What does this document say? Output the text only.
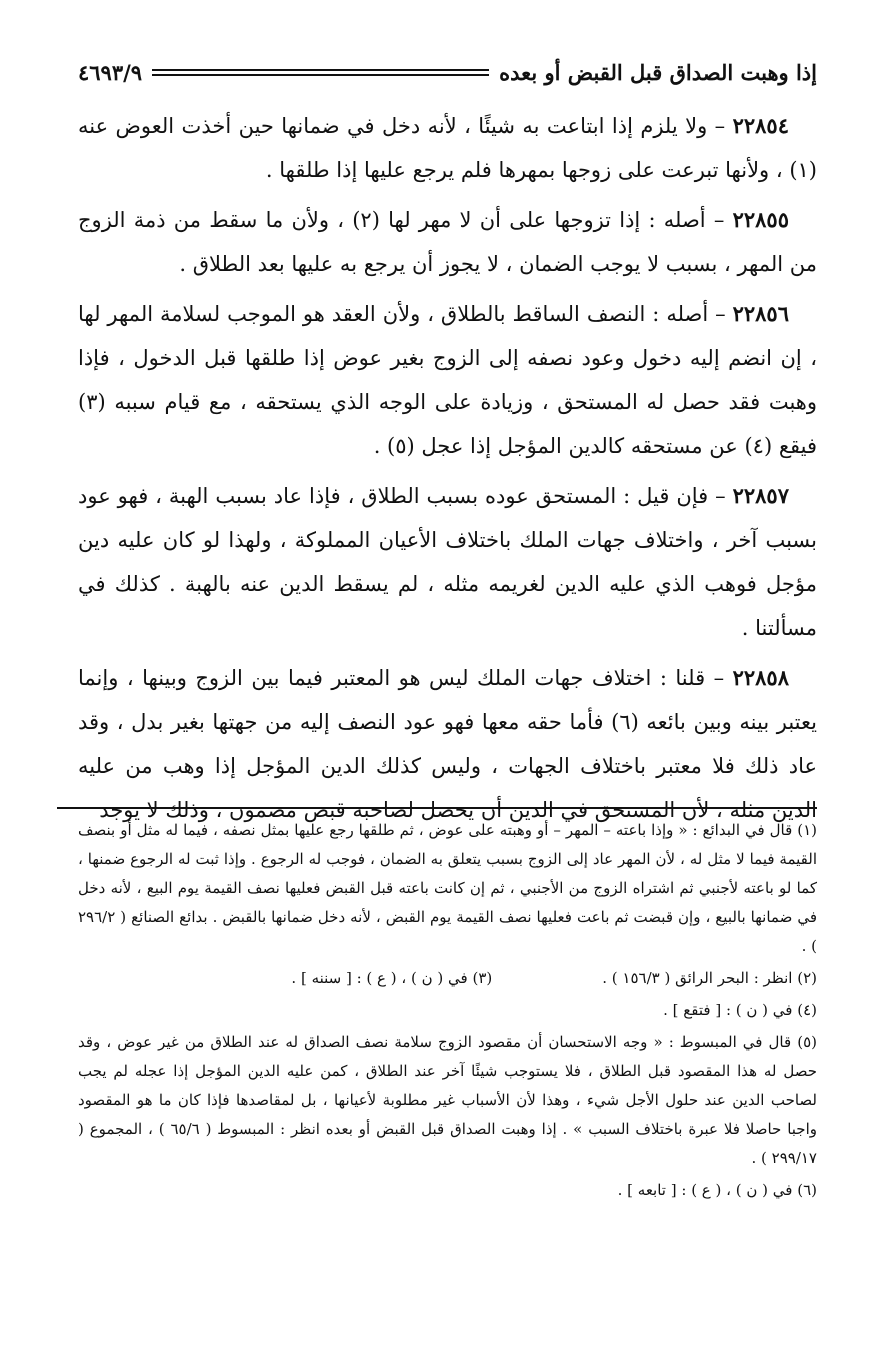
إذا وهبت الصداق قبل القبض أو بعده
٤٦٩٣/٩

٢٢٨٥٤ – ولا يلزم إذا ابتاعت به شيئًا ، لأنه دخل في ضمانها حين أخذت العوض عنه (١) ، ولأنها تبرعت على زوجها بمهرها فلم يرجع عليها إذا طلقها .

٢٢٨٥٥ – أصله : إذا تزوجها على أن لا مهر لها (٢) ، ولأن ما سقط من ذمة الزوج من المهر ، بسبب لا يوجب الضمان ، لا يجوز أن يرجع به عليها بعد الطلاق .

٢٢٨٥٦ – أصله : النصف الساقط بالطلاق ، ولأن العقد هو الموجب لسلامة المهر لها ، إن انضم إليه دخول وعود نصفه إلى الزوج بغير عوض إذا طلقها قبل الدخول ، فإذا وهبت فقد حصل له المستحق ، وزيادة على الوجه الذي يستحقه ، مع قيام سببه (٣) فيقع (٤) عن مستحقه كالدين المؤجل إذا عجل (٥) .

٢٢٨٥٧ – فإن قيل : المستحق عوده بسبب الطلاق ، فإذا عاد بسبب الهبة ، فهو عود بسبب آخر ، واختلاف جهات الملك باختلاف الأعيان المملوكة ، ولهذا لو كان عليه دين مؤجل فوهب الذي عليه الدين لغريمه مثله ، لم يسقط الدين عنه بالهبة . كذلك في مسألتنا .

٢٢٨٥٨ – قلنا : اختلاف جهات الملك ليس هو المعتبر فيما بين الزوج وبينها ، وإنما يعتبر بينه وبين بائعه (٦) فأما حقه معها فهو عود النصف إليه من جهتها بغير بدل ، وقد عاد ذلك فلا معتبر باختلاف الجهات ، وليس كذلك الدين المؤجل إذا وهب من عليه الدين مثله ، لأن المستحق في الدين أن يحصل لصاحبه قبض مضمون ، وذلك لا يوجد

(١) قال في البدائع : « وإذا باعته – المهر – أو وهبته على عوض ، ثم طلقها رجع عليها بمثل نصفه ، فيما له مثل أو بنصف القيمة فيما لا مثل له ، لأن المهر عاد إلى الزوج بسبب يتعلق به الضمان ، فوجب له الرجوع . وإذا ثبت له الرجوع ضمنها ، كما لو باعته لأجنبي ثم اشتراه الزوج من الأجنبي ، ثم إن كانت باعته قبل القبض فعليها نصف القيمة يوم البيع ، لأنه دخل في ضمانها بالبيع ، وإن قبضت ثم باعت فعليها نصف القيمة يوم القبض ، لأنه دخل ضمانها بالقبض . بدائع الصنائع ( ٢٩٦/٢ ) .

(٢) انظر : البحر الرائق ( ١٥٦/٣ ) .

(٣) في ( ن ) ، ( ع ) : [ سننه ] .

(٤) في ( ن ) : [ فتقع ] .

(٥) قال في المبسوط : « وجه الاستحسان أن مقصود الزوج سلامة نصف الصداق له عند الطلاق من غير عوض ، وقد حصل له هذا المقصود قبل الطلاق ، فلا يستوجب شيئًا آخر عند الطلاق ، كمن عليه الدين المؤجل إذا عجله لم يجب لصاحب الدين عند حلول الأجل شيء ، وهذا لأن الأسباب غير مطلوبة لأعيانها ، بل لمقاصدها فإذا كان ما هو المقصود واجبا حاصلا فلا عبرة باختلاف السبب » . إذا وهبت الصداق قبل القبض أو بعده انظر : المبسوط ( ٦٥/٦ ) ، المجموع ( ٢٩٩/١٧ ) .

(٦) في ( ن ) ، ( ع ) : [ تابعه ] .
